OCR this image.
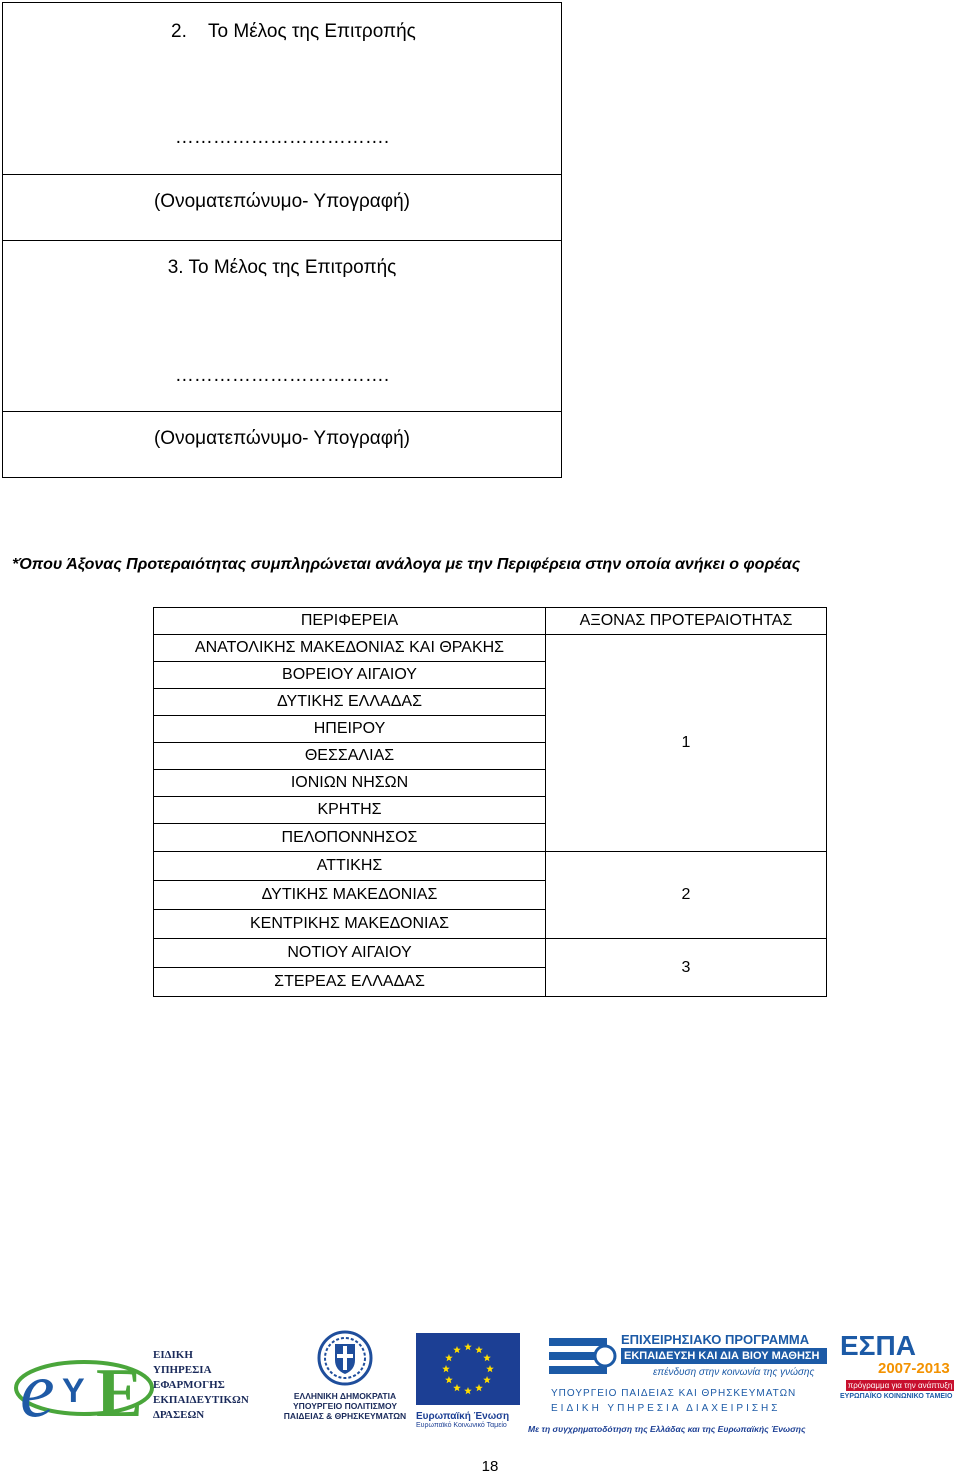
2. Το Μέλος της Επιτροπής
…………………………….
(Ονοματεπώνυμο- Υπογραφή)
3. Το Μέλος της Επιτροπής
…………………………….
(Ονοματεπώνυμο- Υπογραφή)
*Όπου Άξονας Προτεραιότητας συμπληρώνεται ανάλογα με την Περιφέρεια στην οποία ανήκει ο φορέας
ΠΕΡΙΦΕΡΕΙΑ	ΑΞΟΝΑΣ ΠΡΟΤΕΡΑΙΟΤΗΤΑΣ
ΑΝΑΤΟΛΙΚΗΣ ΜΑΚΕΔΟΝΙΑΣ ΚΑΙ ΘΡΑΚΗΣ	1
ΒΟΡΕΙΟΥ ΑΙΓΑΙΟΥ	
ΔΥΤΙΚΗΣ ΕΛΛΑΔΑΣ	
ΗΠΕΙΡΟΥ	
ΘΕΣΣΑΛΙΑΣ	
ΙΟΝΙΩΝ ΝΗΣΩΝ	
ΚΡΗΤΗΣ	
ΠΕΛΟΠΟΝΝΗΣΟΣ	
ΑΤΤΙΚΗΣ	2
ΔΥΤΙΚΗΣ ΜΑΚΕΔΟΝΙΑΣ	
ΚΕΝΤΡΙΚΗΣ ΜΑΚΕΔΟΝΙΑΣ	
ΝΟΤΙΟΥ ΑΙΓΑΙΟΥ	3
ΣΤΕΡΕΑΣ ΕΛΛΑΔΑΣ	
e Y E ΕΙΔΙΚΗ
ΥΠΗΡΕΣΙΑ
ΕΦΑΡΜΟΓΗΣ
ΕΚΠΑΙΔΕΥΤΙΚΩΝ
ΔΡΑΣΕΩΝ
ΕΛΛΗΝΙΚΗ ΔΗΜΟΚΡΑΤΙΑ
ΥΠΟΥΡΓΕΙΟ ΠΟΛΙΤΙΣΜΟΥ
ΠΑΙΔΕΙΑΣ & ΘΡΗΣΚΕΥΜΑΤΩΝ Ευρωπαϊκή Ένωση
Ευρωπαϊκό Κοινωνικό Ταμείο
ΕΠΙΧΕΙΡΗΣΙΑΚΟ ΠΡΟΓΡΑΜΜΑ
ΕΚΠΑΙΔΕΥΣΗ ΚΑΙ ΔΙΑ ΒΙΟΥ ΜΑΘΗΣΗ
επένδυση στην κοινωνία της γνώσης
ΥΠΟΥΡΓΕΙΟ ΠΑΙΔΕΙΑΣ ΚΑΙ ΘΡΗΣΚΕΥΜΑΤΩΝ
ΕΙΔΙΚΗ ΥΠΗΡΕΣΙΑ ΔΙΑΧΕΙΡΙΣΗΣ
Με τη συγχρηματοδότηση της Ελλάδας και της Ευρωπαϊκής Ένωσης
ΕΣΠΑ
2007-2013
πρόγραμμα για την ανάπτυξη
ΕΥΡΩΠΑΪΚΟ ΚΟΙΝΩΝΙΚΟ ΤΑΜΕΙΟ
18
